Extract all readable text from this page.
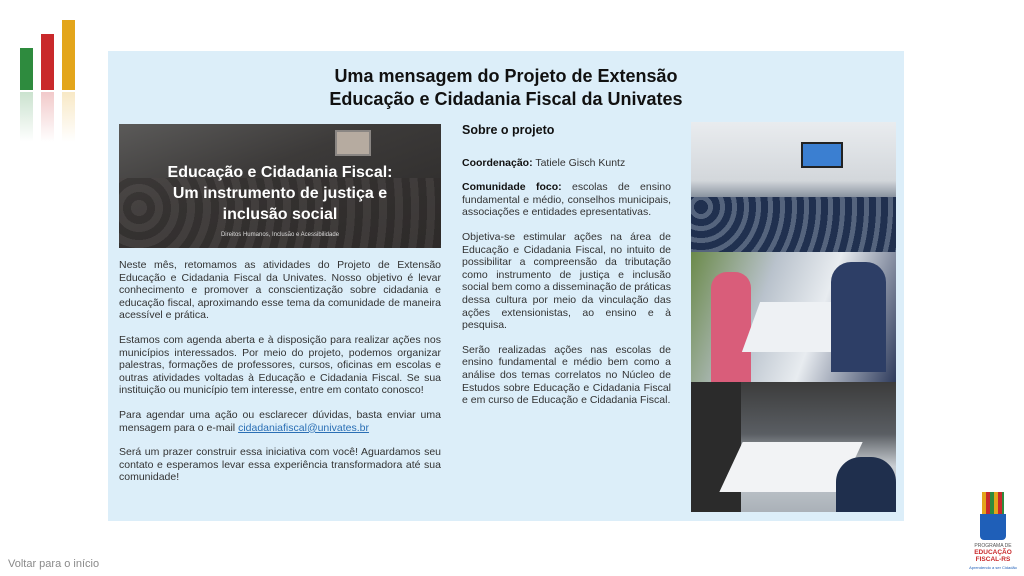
Uma mensagem do Projeto de Extensão
Educação e Cidadania Fiscal da Univates
Educação e Cidadania Fiscal:
Um instrumento de justiça e
inclusão social
Direitos Humanos, Inclusão e Acessibilidade

Neste mês, retomamos as atividades do Projeto de Extensão Educação e Cidadania Fiscal da Univates. Nosso objetivo é levar conhecimento e promover a conscientização sobre cidadania e educação fiscal, aproximando esse tema da comunidade de maneira acessível e prática.

Estamos com agenda aberta e à disposição para realizar ações nos municípios interessados. Por meio do projeto, podemos organizar palestras, formações de professores, cursos, oficinas em escolas e outras atividades voltadas à Educação e Cidadania Fiscal. Se sua instituição ou município tem interesse, entre em contato conosco!

Para agendar uma ação ou esclarecer dúvidas, basta enviar uma mensagem para o e-mail cidadaniafiscal@univates.br

Será um prazer construir essa iniciativa com você! Aguardamos seu contato e esperamos levar essa experiência transformadora até sua comunidade!

Sobre o projeto

Coordenação: Tatiele Gisch Kuntz

Comunidade foco: escolas de ensino fundamental e médio, conselhos municipais, associações e entidades epresentativas.

Objetiva-se estimular ações na área de Educação e Cidadania Fiscal, no intuito de possibilitar a compreensão da tributação como instrumento de justiça e inclusão social bem como a disseminação de práticas dessa cultura por meio da vinculação das ações extensionistas, ao ensino e à pesquisa.

Serão realizadas ações nas escolas de ensino fundamental e médio bem como a análise dos temas correlatos no Núcleo de Estudos sobre Educação e Cidadania Fiscal e em curso de Educação e Cidadania Fiscal.

PROGRAMA DE
EDUCAÇÃO FISCAL-RS
Aprendendo a ser Cidadão
Voltar para o início
